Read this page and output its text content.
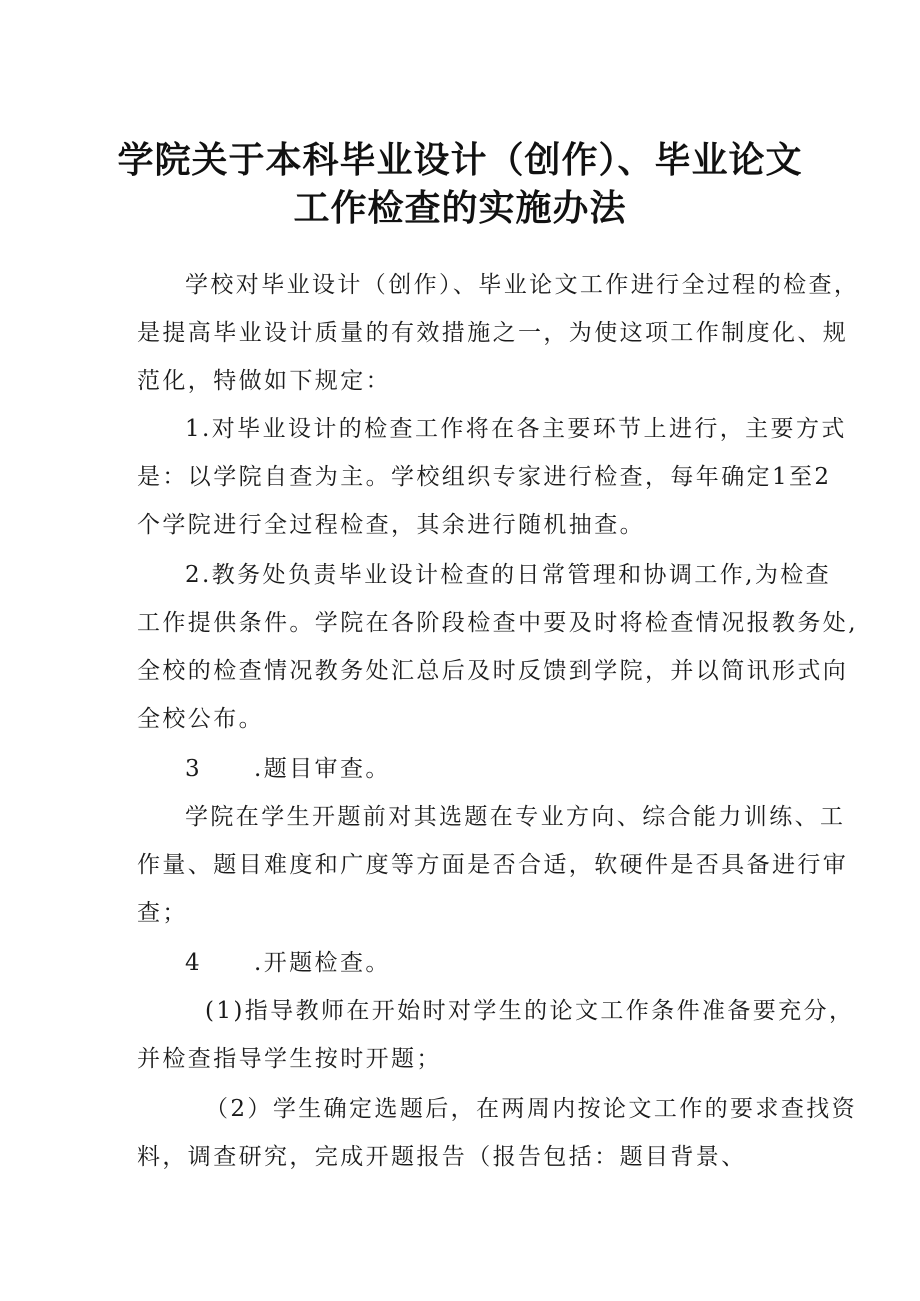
学院关于本科毕业设计（创作）、毕业论文
工作检查的实施办法
学校对毕业设计（创作）、毕业论文工作进行全过程的检查，
是提高毕业设计质量的有效措施之一，为使这项工作制度化、规
范化，特做如下规定：
1.对毕业设计的检查工作将在各主要环节上进行，主要方式
是：以学院自查为主。学校组织专家进行检查，每年确定1至2
个学院进行全过程检查，其余进行随机抽查。
2.教务处负责毕业设计检查的日常管理和协调工作,为检查
工作提供条件。学院在各阶段检查中要及时将检查情况报教务处,
全校的检查情况教务处汇总后及时反馈到学院，并以简讯形式向
全校公布。
3 .题目审查。
学院在学生开题前对其选题在专业方向、综合能力训练、工
作量、题目难度和广度等方面是否合适，软硬件是否具备进行审
查；
4 .开题检查。
(1)指导教师在开始时对学生的论文工作条件准备要充分，
并检查指导学生按时开题；
（2）学生确定选题后，在两周内按论文工作的要求查找资
料，调查研究，完成开题报告（报告包括：题目背景、
